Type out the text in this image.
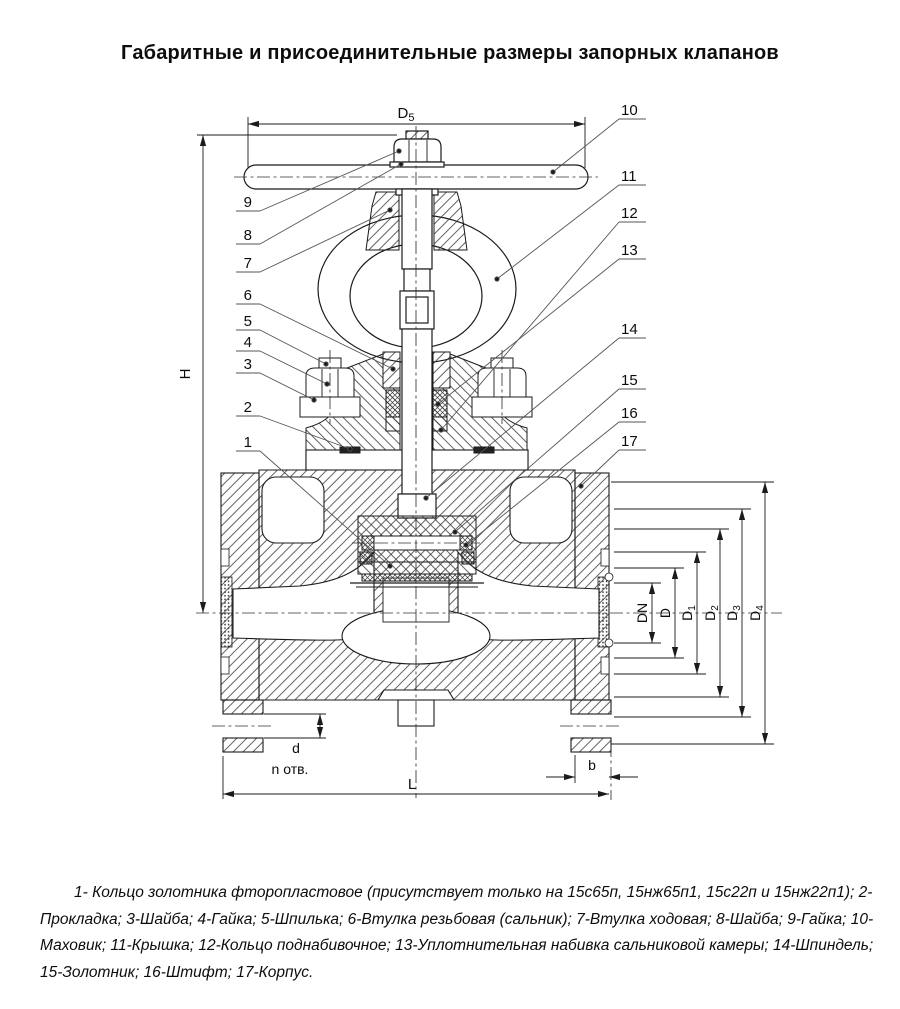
Габаритные и присоединительные размеры запорных клапанов
$D_5$
H
DN D $D_1$
$D_2$
$D_3$
$D_4$
d
n отв.
L
b
9
8
7
6
5
4
3
2
1
10
11
12
13
14
15
16
17
1- Кольцо золотника фторопластовое (присутствует только на 15с65п, 15нж65п1, 15с22п и 15нж22п1); 2-Прокладка; 3-Шайба; 4-Гайка; 5-Шпилька; 6-Втулка резьбовая (сальник); 7-Втулка ходовая; 8-Шайба; 9-Гайка; 10-Маховик; 11-Крышка; 12-Кольцо поднабивочное; 13-Уплотнительная набивка сальниковой камеры; 14-Шпиндель; 15-Золотник; 16-Штифт; 17-Корпус.
